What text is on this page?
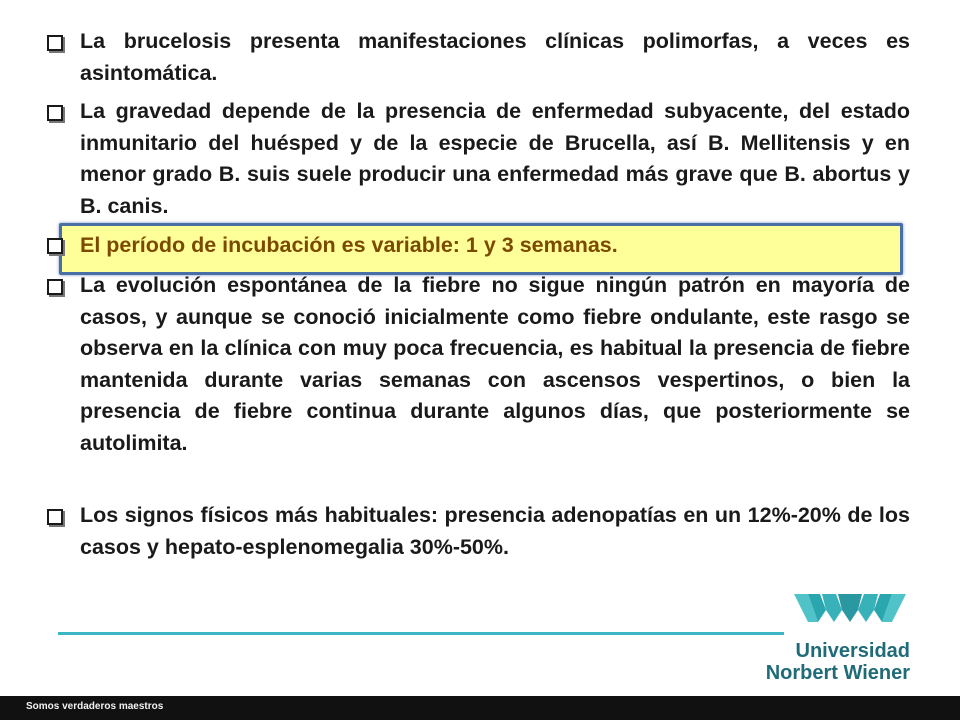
La brucelosis presenta manifestaciones clínicas polimorfas, a veces es asintomática.
La gravedad depende de la presencia de enfermedad subyacente, del estado inmunitario del huésped y de la especie de Brucella, así B. Mellitensis y en menor grado B. suis suele producir una enfermedad más grave que B. abortus y B. canis.
El período de incubación es variable: 1 y 3 semanas.
La evolución espontánea de la fiebre no sigue ningún patrón en mayoría de casos, y aunque se conoció inicialmente como fiebre ondulante, este rasgo se observa en la clínica con muy poca frecuencia, es habitual la presencia de fiebre mantenida durante varias semanas con ascensos vespertinos, o bien la presencia de fiebre continua durante algunos días, que posteriormente se autolimita.
Los signos físicos más habituales: presencia adenopatías en un 12%-20% de los casos y hepato-esplenomegalia 30%-50%.
Universidad
Norbert Wiener
Somos verdaderos maestros
